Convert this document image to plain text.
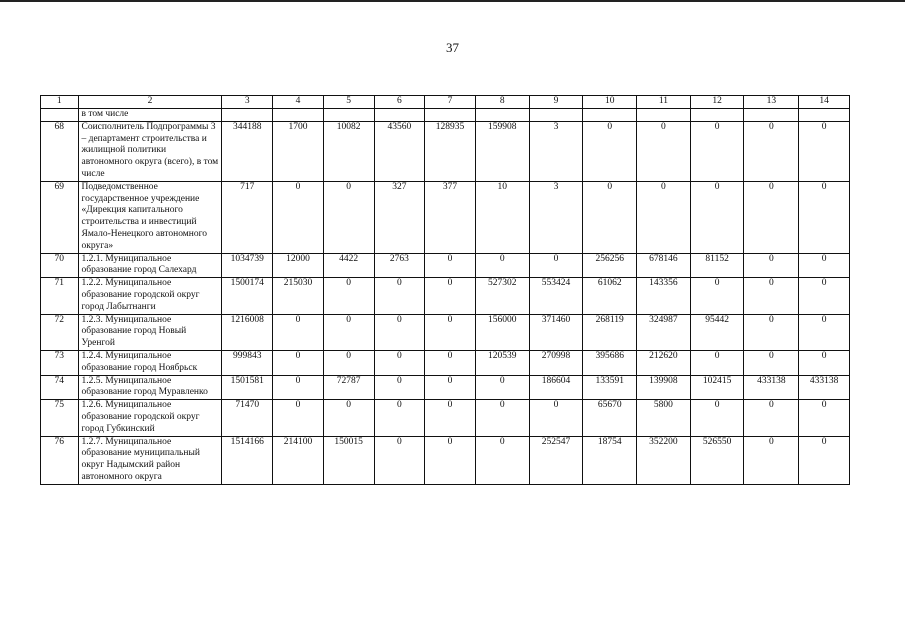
37
1	2	3	4	5	6	7	8	9	10	11	12	13	14
	в том числе												
68	Соисполнитель Подпрограммы 3 – департамент строительства и жилищной политики автономного округа (всего), в том числе	344188	1700	10082	43560	128935	159908	3	0	0	0	0	0
69	Подведомственное государственное учреждение «Дирекция капитального строительства и инвестиций Ямало-Ненецкого автономного округа»	717	0	0	327	377	10	3	0	0	0	0	0
70	1.2.1. Муниципальное образование город Салехард	1034739	12000	4422	2763	0	0	0	256256	678146	81152	0	0
71	1.2.2. Муниципальное образование городской округ город Лабытнанги	1500174	215030	0	0	0	527302	553424	61062	143356	0	0	0
72	1.2.3. Муниципальное образование город Новый Уренгой	1216008	0	0	0	0	156000	371460	268119	324987	95442	0	0
73	1.2.4. Муниципальное образование город Ноябрьск	999843	0	0	0	0	120539	270998	395686	212620	0	0	0
74	1.2.5. Муниципальное образование город Муравленко	1501581	0	72787	0	0	0	186604	133591	139908	102415	433138	433138
75	1.2.6. Муниципальное образование городской округ город Губкинский	71470	0	0	0	0	0	0	65670	5800	0	0	0
76	1.2.7. Муниципальное образование муниципальный округ Надымский район автономного округа	1514166	214100	150015	0	0	0	252547	18754	352200	526550	0	0
